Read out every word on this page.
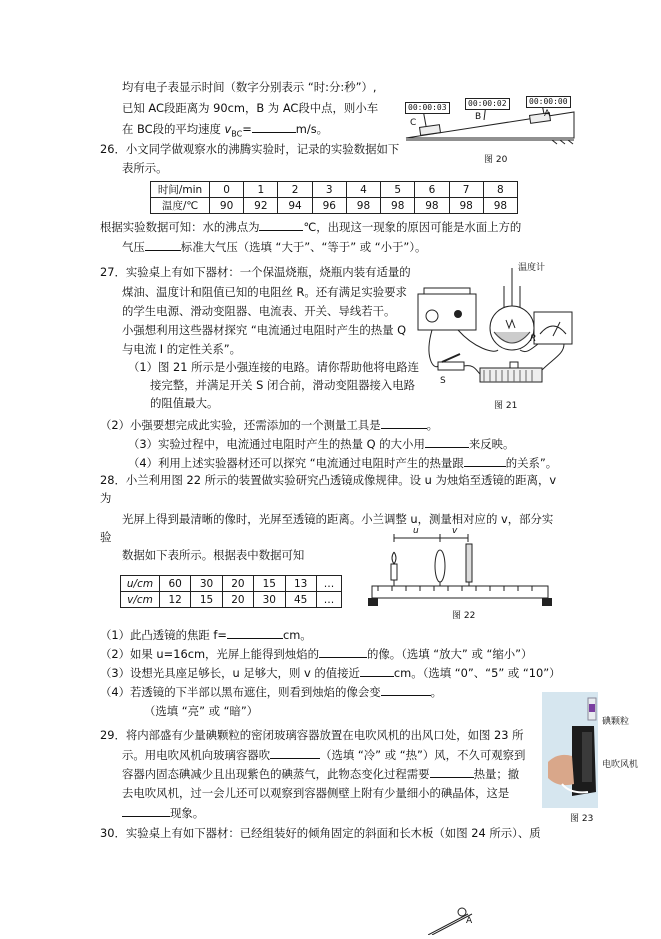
均有电子表显示时间（数字分别表示 “时:分:秒”）,
已知 AC段距离为 90cm，B 为 AC段中点，则小车
在 BC段的平均速度 $v_{BC}=$	m/s。
00:00:03	00:00:02	00:00:00
C
B	A
图 20
26．小文同学做观察水的沸腾实验时，记录的实验数据如下
表所示。
时间/min	0	1	2	3	4	5	6	7	8
温度/℃	90	92	94	96	98	98	98	98	98
根据实验数据可知：水的沸点为	℃，出现这一现象的原因可能是水面上方的
气压	标准大气压（选填 “大于”、“等于” 或 “小于”）。
27．实验桌上有如下器材：一个保温烧瓶，烧瓶内装有适量的
煤油、温度计和阻值已知的电阻丝 R。还有满足实验要求
的学生电源、滑动变阻器、电流表、开关、导线若干。
小强想利用这些器材探究 “电流通过电阻时产生的热量 Q
与电流 I 的定性关系”。
（1）图 21 所示是小强连接的电路。请你帮助他将电路连
接完整，并满足开关 S 闭合前，滑动变阻器接入电路
的阻值最大。
温度计
R
S
图 21
（2）小强要想完成此实验，还需添加的一个测量工具是	。
（3）实验过程中，电流通过电阻时产生的热量 Q 的大小用	来反映。
（4）利用上述实验器材还可以探究 “电流通过电阻时产生的热量跟	的关系”。
28．小兰利用图 22 所示的装置做实验研究凸透镜成像规律。设 u 为烛焰至透镜的距离，v
为
光屏上得到最清晰的像时，光屏至透镜的距离。小兰调整 u，测量相对应的 v，部分实
验
数据如下表所示。根据表中数据可知
u/cm	60	30	20	15	13	…
v/cm	12	15	20	30	45	…
u	v
图 22
（1）此凸透镜的焦距 f=	cm。
（2）如果 u=16cm，光屏上能得到烛焰的	的像。（选填 “放大” 或 “缩小”）
（3）设想光具座足够长，u 足够大，则 v 的值接近	cm。（选填 “0”、“5” 或 “10”）
（4）若透镜的下半部以黑布遮住，则看到烛焰的像会变	。
（选填 “亮” 或 “暗”）
碘颗粒
电吹风机
图 23
29．将内部盛有少量碘颗粒的密闭玻璃容器放置在电吹风机的出风口处，如图 23 所
示。用电吹风机向玻璃容器吹	（选填 “冷” 或 “热”）风，不久可观察到
容器内固态碘减少且出现紫色的碘蒸气，此物态变化过程需要	热量；撤
去电吹风机，过一会儿还可以观察到容器侧壁上附有少量细小的碘晶体，这是
现象。
30．实验桌上有如下器材：已经组装好的倾角固定的斜面和长木板（如图 24 所示）、质
A
